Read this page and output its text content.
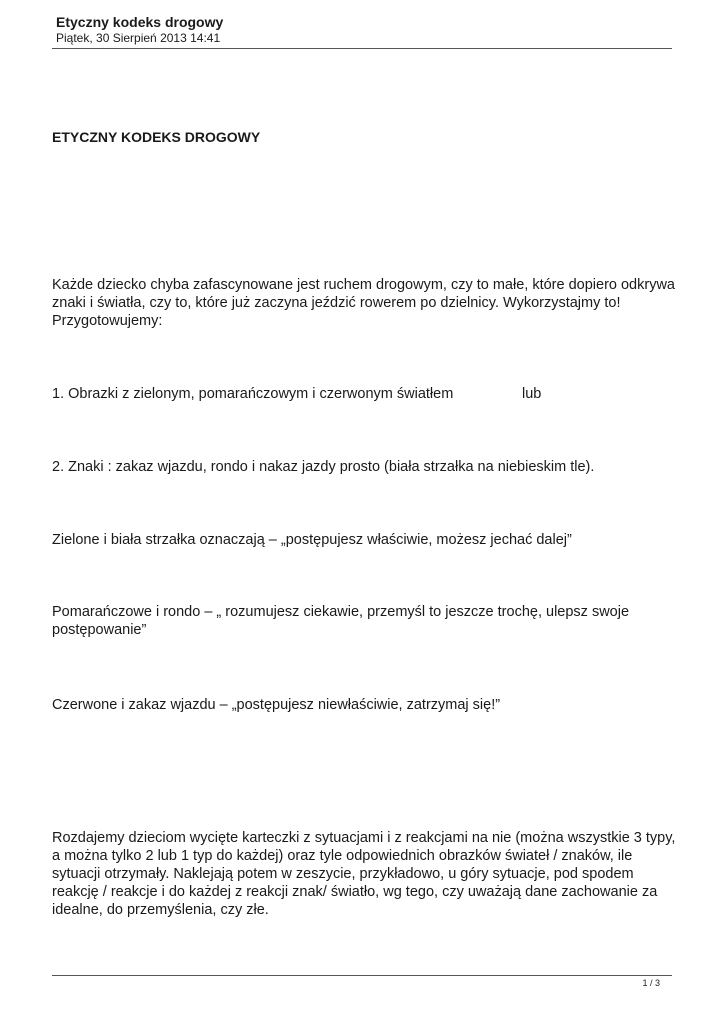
Etyczny kodeks drogowy
Piątek, 30 Sierpień 2013 14:41
ETYCZNY KODEKS DROGOWY
Każde dziecko chyba zafascynowane jest ruchem drogowym, czy to małe, które dopiero odkrywa znaki i światła, czy to, które już zaczyna jeździć rowerem po dzielnicy. Wykorzystajmy to! Przygotowujemy:
1. Obrazki z zielonym, pomarańczowym i czerwonym światłem	lub
2. Znaki : zakaz wjazdu, rondo i nakaz jazdy prosto (biała strzałka na niebieskim tle).
Zielone i biała strzałka oznaczają – „postępujesz właściwie, możesz jechać dalej”
Pomarańczowe i rondo – „ rozumujesz ciekawie, przemyśl to jeszcze trochę, ulepsz swoje postępowanie”
Czerwone i zakaz wjazdu – „postępujesz niewłaściwie, zatrzymaj się!”
Rozdajemy dzieciom wycięte karteczki z sytuacjami i z reakcjami na nie (można wszystkie 3 typy, a można tylko 2 lub 1 typ do każdej) oraz tyle odpowiednich obrazków świateł / znaków, ile sytuacji otrzymały. Naklejają potem w zeszycie, przykładowo, u góry sytuacje, pod spodem reakcję / reakcje i do każdej z reakcji znak/ światło, wg tego, czy uważają dane zachowanie za idealne, do przemyślenia, czy złe.
1 / 3
